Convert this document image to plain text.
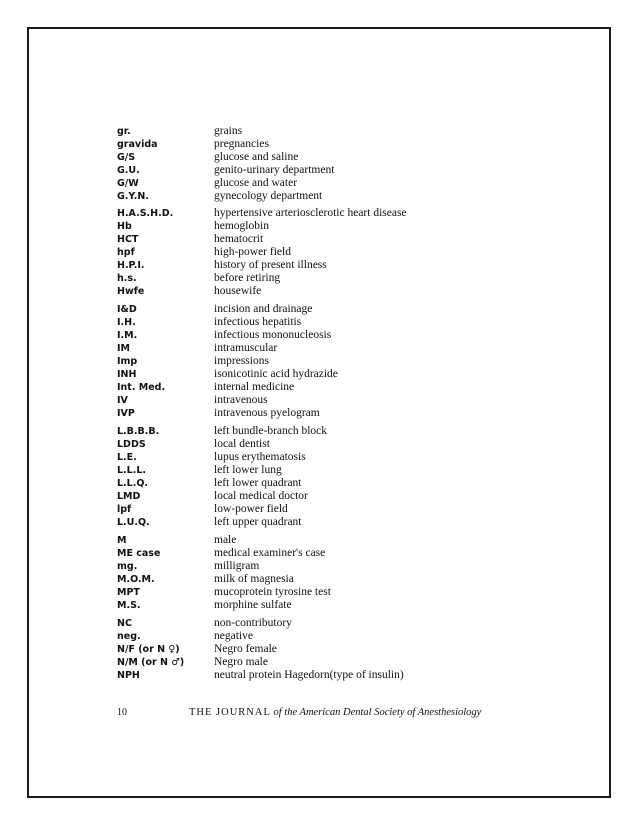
gr.	grains
gravida	pregnancies
G/S	glucose and saline
G.U.	genito-urinary department
G/W	glucose and water
G.Y.N.	gynecology department
H.A.S.H.D.	hypertensive arteriosclerotic heart disease
Hb	hemoglobin
HCT	hematocrit
hpf	high-power field
H.P.I.	history of present illness
h.s.	before retiring
Hwfe	housewife
I&D	incision and drainage
I.H.	infectious hepatitis
I.M.	infectious mononucleosis
IM	intramuscular
Imp	impressions
INH	isonicotinic acid hydrazide
Int. Med.	internal medicine
IV	intravenous
IVP	intravenous pyelogram
L.B.B.B.	left bundle-branch block
LDDS	local dentist
L.E.	lupus erythematosis
L.L.L.	left lower lung
L.L.Q.	left lower quadrant
LMD	local medical doctor
lpf	low-power field
L.U.Q.	left upper quadrant
M	male
ME case	medical examiner's case
mg.	milligram
M.O.M.	milk of magnesia
MPT	mucoprotein tyrosine test
M.S.	morphine sulfate
NC	non-contributory
neg.	negative
N/F (or N ♀)	Negro female
N/M (or N ♂)	Negro male
NPH	neutral protein Hagedorn(type of insulin)
10	THE JOURNAL of the American Dental Society of Anesthesiology
